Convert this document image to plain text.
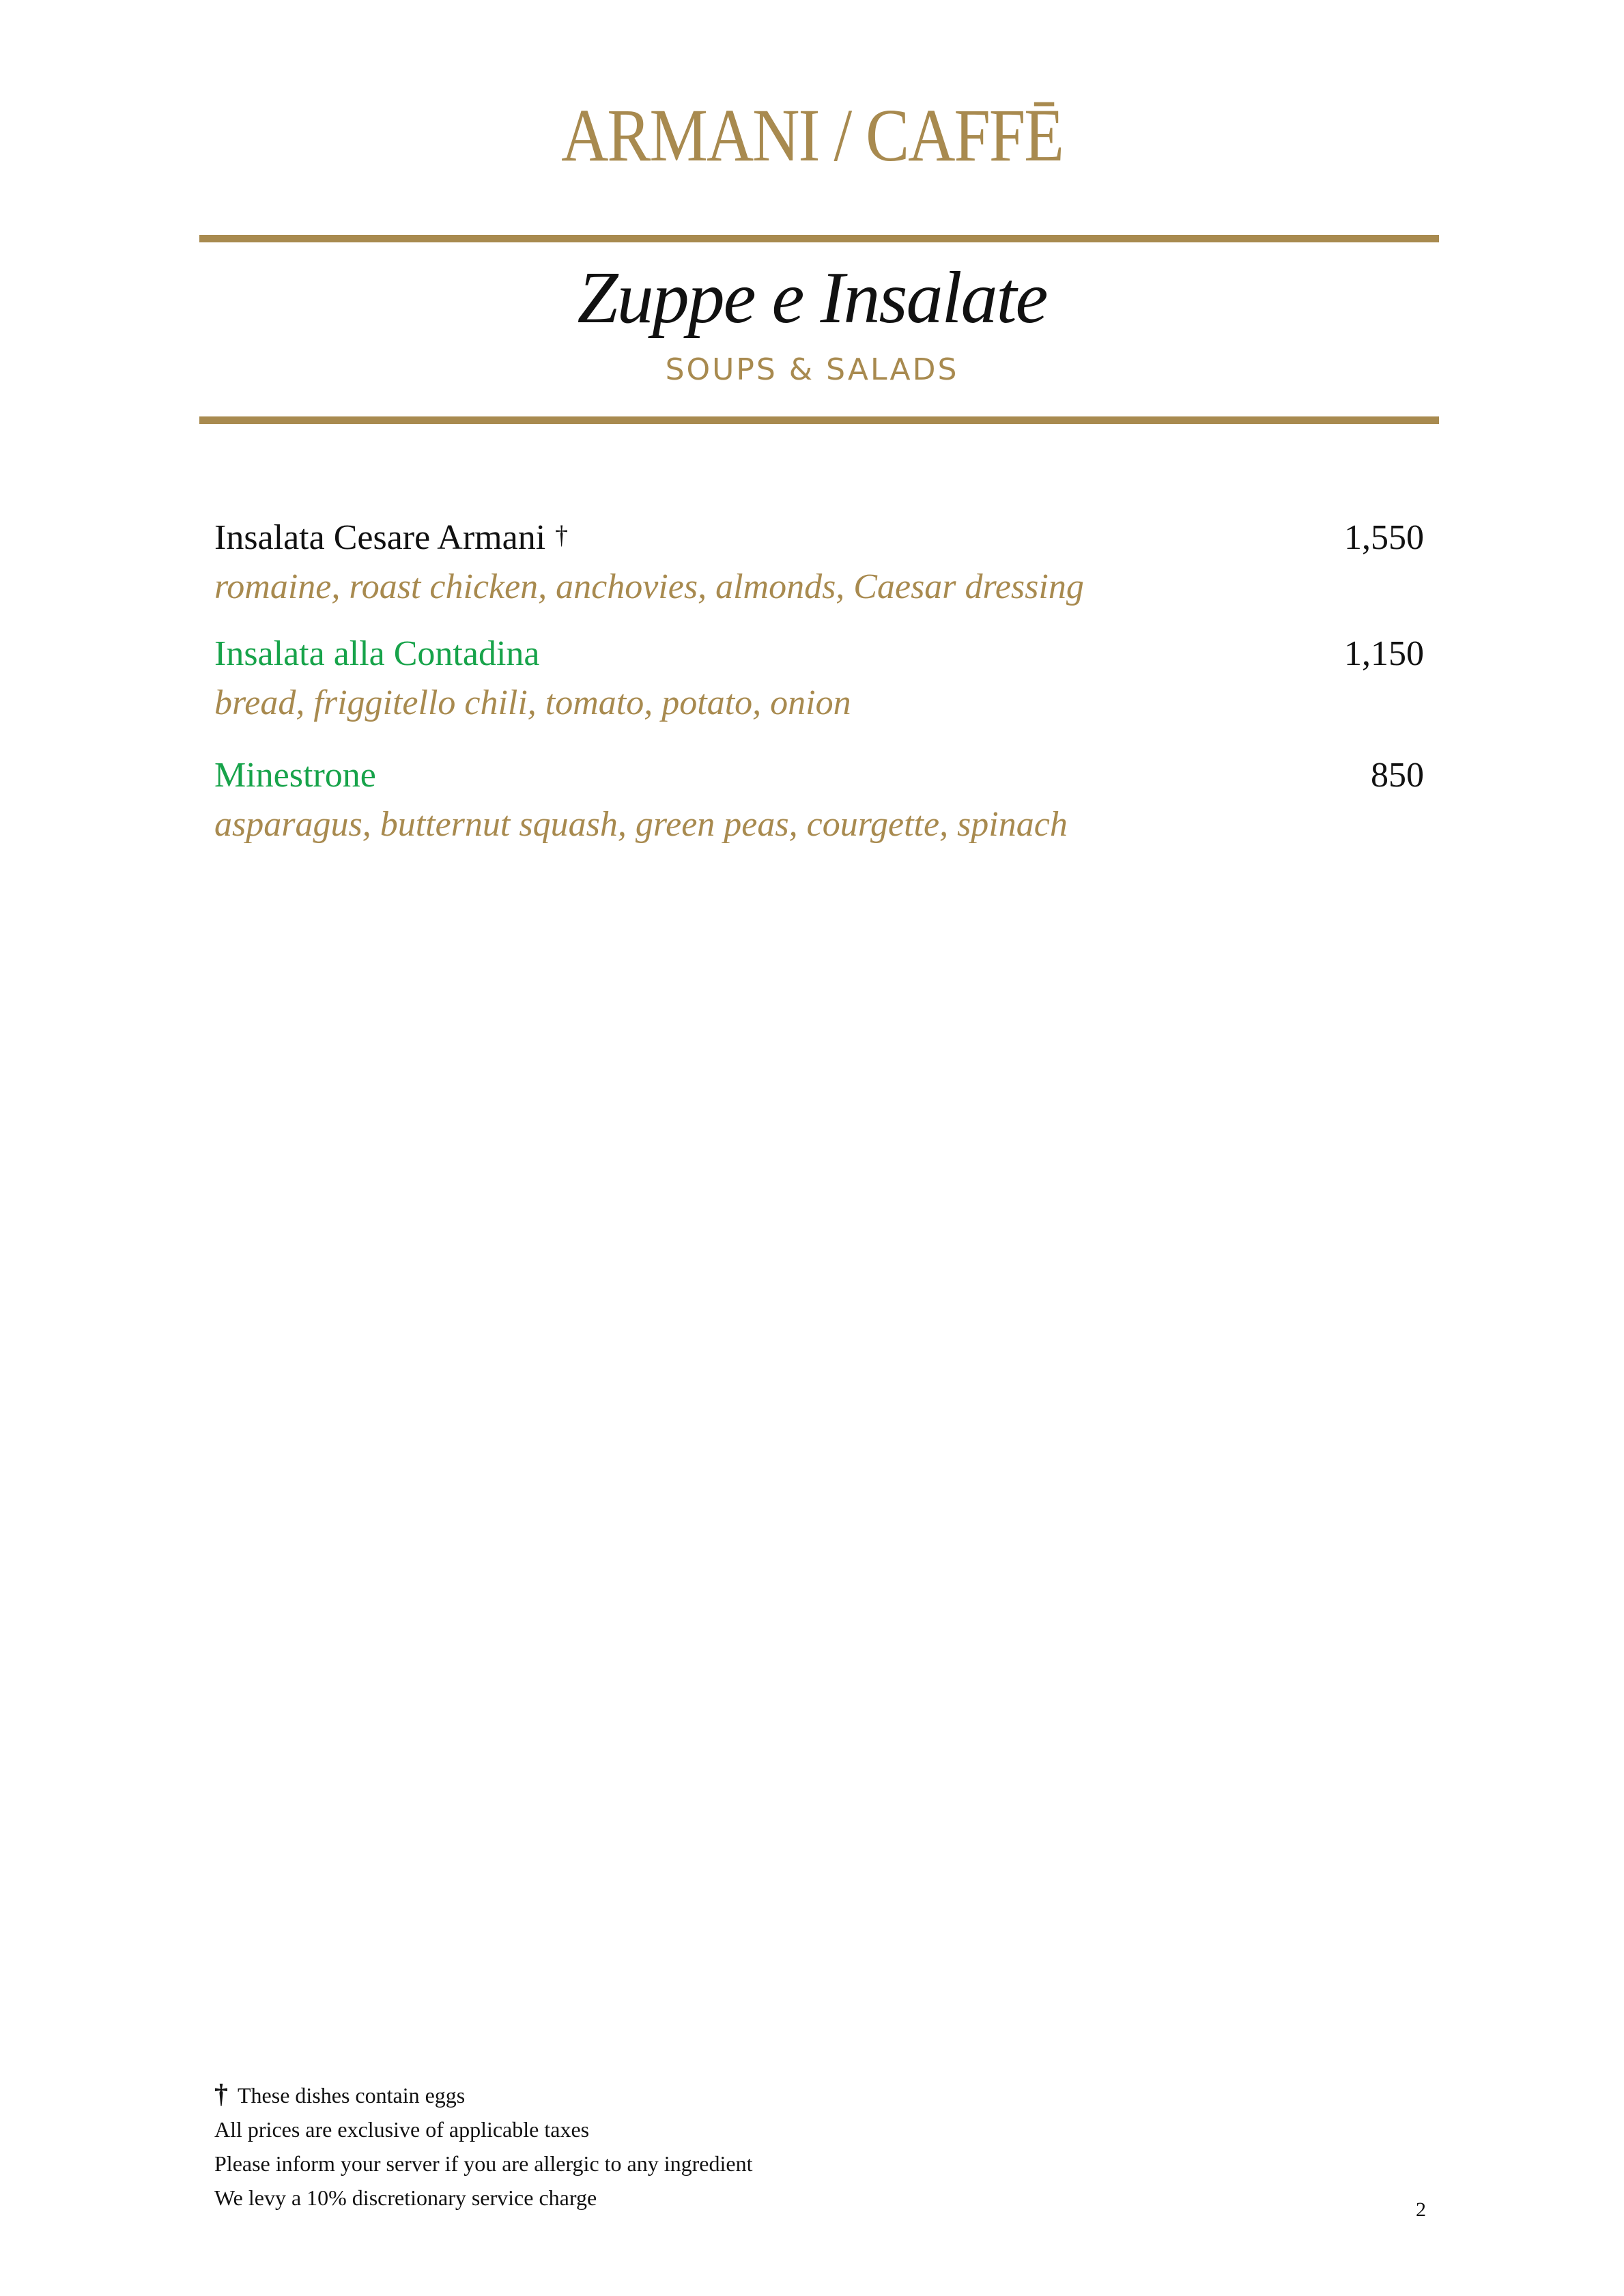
ARMANI / CAFFĒ
Zuppe e Insalate
SOUPS & SALADS
Insalata Cesare Armani †	1,550
romaine, roast chicken, anchovies, almonds, Caesar dressing
Insalata alla Contadina	1,150
bread, friggitello chili, tomato, potato, onion
Minestrone	850
asparagus, butternut squash, green peas, courgette, spinach
† These dishes contain eggs
All prices are exclusive of applicable taxes
Please inform your server if you are allergic to any ingredient
We levy a 10% discretionary service charge	2
